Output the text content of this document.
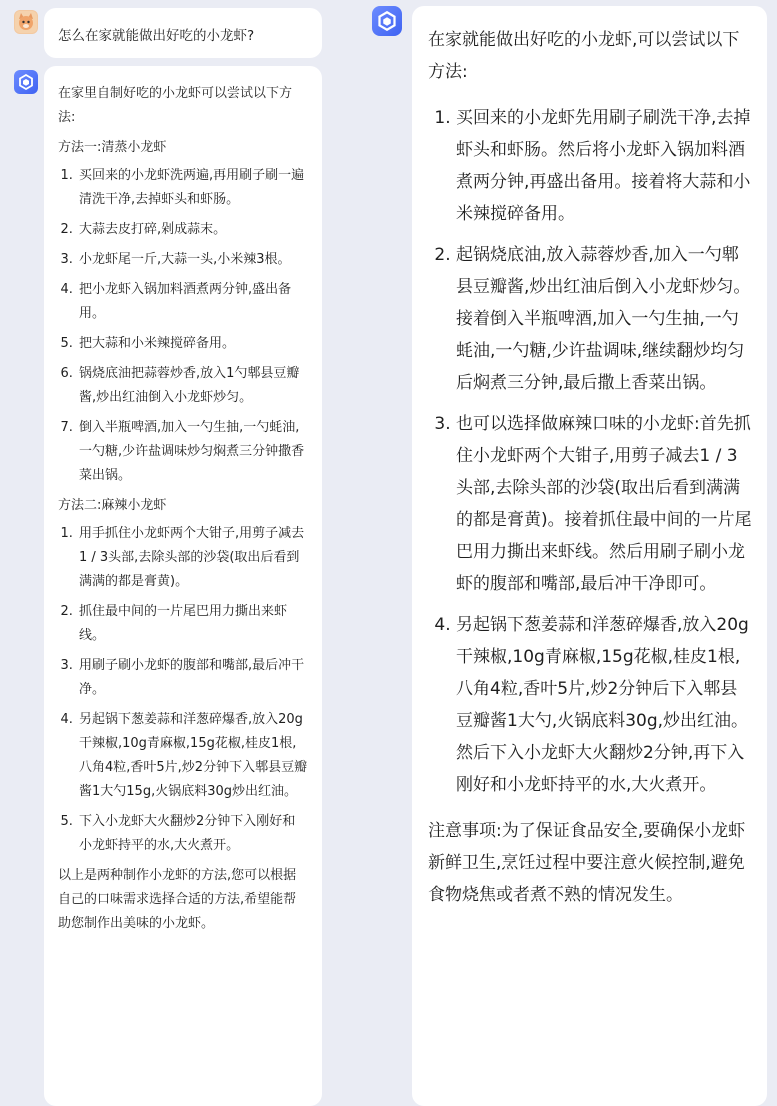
怎么在家就能做出好吃的小龙虾?

在家里自制好吃的小龙虾可以尝试以下方法:

方法一:清蒸小龙虾

1. 买回来的小龙虾洗两遍,再用刷子刷一遍清洗干净,去掉虾头和虾肠。
2. 大蒜去皮打碎,剁成蒜末。
3. 小龙虾尾一斤,大蒜一头,小米辣3根。
4. 把小龙虾入锅加料酒煮两分钟,盛出备用。
5. 把大蒜和小米辣搅碎备用。
6. 锅烧底油把蒜蓉炒香,放入1勺郫县豆瓣酱,炒出红油倒入小龙虾炒匀。
7. 倒入半瓶啤酒,加入一勺生抽,一勺蚝油,一勺糖,少许盐调味炒匀焖煮三分钟撒香菜出锅。

方法二:麻辣小龙虾

1. 用手抓住小龙虾两个大钳子,用剪子减去1 / 3头部,去除头部的沙袋(取出后看到满满的都是膏黄)。
2. 抓住最中间的一片尾巴用力撕出来虾线。
3. 用刷子刷小龙虾的腹部和嘴部,最后冲干净。
4. 另起锅下葱姜蒜和洋葱碎爆香,放入20g干辣椒,10g青麻椒,15g花椒,桂皮1根,八角4粒,香叶5片,炒2分钟下入郫县豆瓣酱1大勺15g,火锅底料30g炒出红油。
5. 下入小龙虾大火翻炒2分钟下入刚好和小龙虾持平的水,大火煮开。

以上是两种制作小龙虾的方法,您可以根据自己的口味需求选择合适的方法,希望能帮助您制作出美味的小龙虾。

在家就能做出好吃的小龙虾,可以尝试以下方法:

1. 买回来的小龙虾先用刷子刷洗干净,去掉虾头和虾肠。然后将小龙虾入锅加料酒煮两分钟,再盛出备用。接着将大蒜和小米辣搅碎备用。
2. 起锅烧底油,放入蒜蓉炒香,加入一勺郫县豆瓣酱,炒出红油后倒入小龙虾炒匀。接着倒入半瓶啤酒,加入一勺生抽,一勺蚝油,一勺糖,少许盐调味,继续翻炒均匀后焖煮三分钟,最后撒上香菜出锅。
3. 也可以选择做麻辣口味的小龙虾:首先抓住小龙虾两个大钳子,用剪子减去1 / 3头部,去除头部的沙袋(取出后看到满满的都是膏黄)。接着抓住最中间的一片尾巴用力撕出来虾线。然后用刷子刷小龙虾的腹部和嘴部,最后冲干净即可。
4. 另起锅下葱姜蒜和洋葱碎爆香,放入20g干辣椒,10g青麻椒,15g花椒,桂皮1根,八角4粒,香叶5片,炒2分钟后下入郫县豆瓣酱1大勺,火锅底料30g,炒出红油。然后下入小龙虾大火翻炒2分钟,再下入刚好和小龙虾持平的水,大火煮开。

注意事项:为了保证食品安全,要确保小龙虾新鲜卫生,烹饪过程中要注意火候控制,避免食物烧焦或者煮不熟的情况发生。
